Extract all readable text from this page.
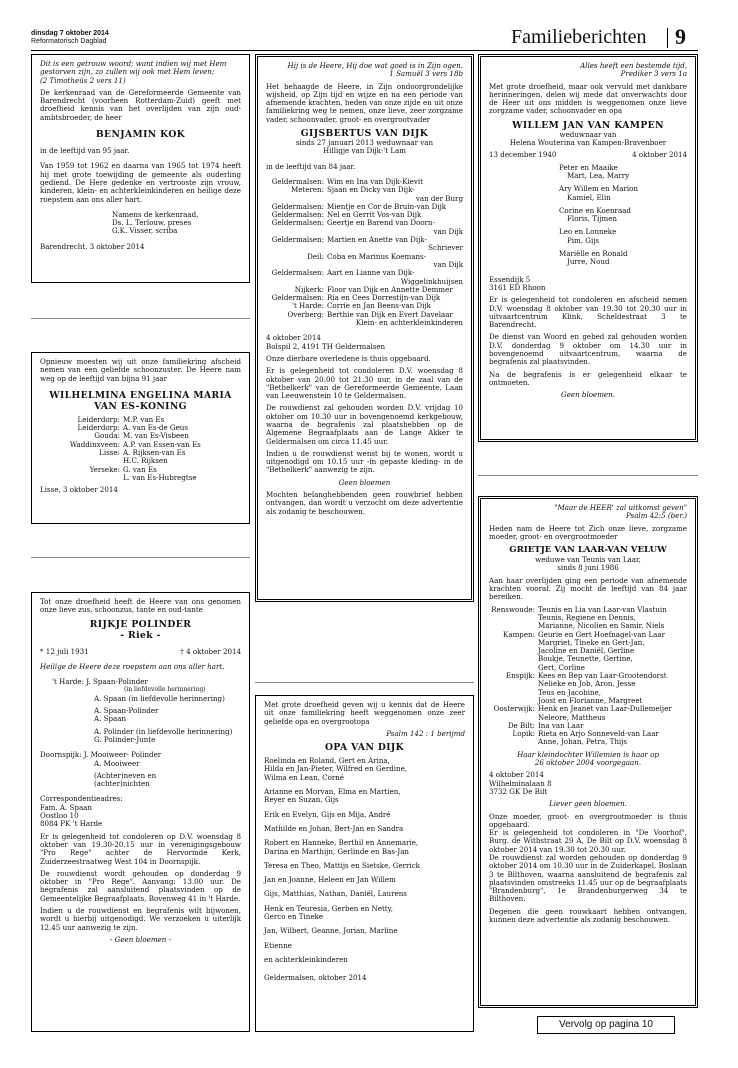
dinsdag 7 oktober 2014
Reformatorisch Dagblad	Familieberichten 9

Dit is een getrouw woord; want indien wij met Hem

gestorven zijn, zo zullen wij ook met Hem leven;

(2 Timotheüs 2 vers 11)

De kerkenraad van de Gereformeerde Gemeente van Barendrecht (voorheen Rotterdam-Zuid) geeft met droefheid kennis van het overlijden van zijn oud-ambtsbroeder, de heer

BENJAMIN KOK

in de leeftijd van 95 jaar.

Van 1959 tot 1962 en daarna van 1965 tot 1974 heeft hij met grote toewijding de gemeente als ouderling gediend. De Here gedenke en vertrooste zijn vrouw, kinderen, klein- en achterkleinkinderen en heilige deze roepstem aan ons aller hart.

Namens de kerkenraad,

Ds. L. Terlouw, preses

G.K. Visser, scriba

Barendrecht, 3 oktober 2014

Opnieuw moesten wij uit onze familiekring afscheid nemen van een geliefde schoonzuster. De Heere nam weg op de leeftijd van bijna 91 jaar

WILHELMINA ENGELINA MARIA

VAN ES-KONING

Leiderdorp: M.P. van Es
Leiderdorp: A. van Es-de Geus
Gouda: M. van Es-Visbeen
Waddinxveen: A.P. van Essen-van Es
Lisse: A. Rijksen-van Es
H.C. Rijksen
Yerseke: G. van Es
L. van Es-Hubregtse

Lisse, 3 oktober 2014

Tot onze droefheid heeft de Heere van ons genomen onze lieve zus, schoonzus, tante en oud-tante

RIJKJE POLINDER

- Riek -

* 12 juli 1931	† 4 oktober 2014

Heilige de Heere deze roepstem aan ons aller hart.

't Harde: J. Spaan-Polinder

(in liefdevolle herinnering)

A. Spaan (in liefdevolle herinnering)

A. Spaan-Polinder

A. Spaan

A. Polinder (in liefdevolle herinnering)

G. Polinder-Junte

Doornspijk: J. Mooiweer- Polinder

A. Mooiweer

(Achter)neven en

(achter)nichten

Correspondentieadres:

Fam. A. Spaan

Oostloo 10

8084 PK 't Harde

Er is gelegenheid tot condoleren op D.V. woensdag 8 oktober van 19.30-20.15 uur in verenigingsgebouw "Pro Rege" achter de Hervormde Kerk, Zuiderzeestraatweg West 104 in Doornspijk.

De rouwdienst wordt gehouden op donderdag 9 oktober in "Pro Rege". Aanvang: 13.00 uur. De begrafenis zal aansluitend plaatsvinden op de Gemeentelijke Begraafplaats, Bovenweg 41 in 't Harde.

Indien u de rouwdienst en begrafenis wilt bijwonen, wordt u hierbij uitgenodigd. We verzoeken u uiterlijk 12.45 uur aanwezig te zijn.

- Geen bloemen -

Hij is de Heere, Hij doe wat goed is in Zijn ogen.

1 Samuël 3 vers 18b

Het behaagde de Heere, in Zijn ondoorgrondelijke wijsheid, op Zijn tijd en wijze en na een periode van afnemende krachten, heden van onze zijde en uit onze familiekring weg te nemen, onze lieve, zeer zorgzame vader, schoonvader, groot- en overgrootvader

GIJSBERTUS VAN DIJK

sinds 27 januari 2013 weduwnaar van

Hilligje van Dijk-'t Lam

in de leeftijd van 84 jaar.

Geldermalsen: Wim en Ina van Dijk-Kievit
Meteren: Sjaan en Dicky van Dijk-

van der Burg

Geldermalsen: Mientje en Cor de Bruin-van Dijk
Geldermalsen: Nel en Gerrit Vos-van Dijk
Geldermalsen: Geertje en Barend van Doorn-

van Dijk

Geldermalsen: Martien en Anette van Dijk-

Schriever

Deil: Coba en Marinus Koemans-

van Dijk

Geldermalsen: Aart en Lianne van Dijk-

Wiggelinkhuijsen

Nijkerk: Floor van Dijk en Annette Demmer
Geldermalsen: Ria en Cees Dorrestijn-van Dijk
't Harde: Corrie en Jan Beens-van Dijk
Overberg: Berthie van Dijk en Evert Davelaar

Klein- en achterkleinkinderen

4 oktober 2014

Bolspil 2, 4191 TH Geldermalsen

Onze dierbare overledene is thuis opgebaard.

Er is gelegenheid tot condoleren D.V. woensdag 8 oktober van 20.00 tot 21.30 uur, in de zaal van de "Bethelkerk" van de Gereformeerde Gemeente, Laan van Leeuwenstein 10 te Geldermalsen.

De rouwdienst zal gehouden worden D.V. vrijdag 10 oktober om 10.30 uur in bovengenoemd kerkgebouw, waarna de begrafenis zal plaatshebben op de Algemene Begraafplaats aan de Lange Akker te Geldermalsen om circa 11.45 uur.

Indien u de rouwdienst wenst bij te wonen, wordt u uitgenodigd om 10.15 uur -in gepaste kleding- in de "Bethelkerk" aanwezig te zijn.

Geen bloemen

Mochten belanghebbenden geen rouwbrief hebben ontvangen, dan wordt u verzocht om deze advertentie als zodanig te beschouwen.

Met grote droefheid geven wij u kennis dat de Heere uit onze familiekring heeft weggenomen onze zeer geliefde opa en overgrootopa

Psalm 142 : 1 berijmd

OPA VAN DIJK

Roelinda en Roland, Gert en Arina,

Hilda en Jan-Pieter, Wilfred en Gerdine,

Wilma en Lean, Corné

Arianne en Morvan, Elma en Martien,

Reyer en Suzan, Gijs

Erik en Evelyn, Gijs en Mija, André

Mathilde en Johan, Bert-Jan en Sandra

Robert en Hanneke, Berthil en Annemarie,

Darina en Marthijn, Gerlinde en Bas-Jan

Teresa en Theo, Mattijs en Sietske, Gerrick

Jan en Joanne, Heleen en Jan Willem

Gijs, Matthias, Nathan, Daniël, Laurens

Henk en Teuresia, Gerben en Netty,

Gerco en Tineke

Jan, Wilbert, Geanne, Jorian, Marline

Etienne

en achterkleinkinderen

Geldermalsen, oktober 2014

Alles heeft een bestemde tijd,

Prediker 3 vers 1a

Met grote droefheid, maar ook vervuld met dankbare herinneringen, delen wij mede dat onverwachts door de Heer uit ons midden is weggenomen onze lieve zorgzame vader, schoonvader en opa

WILLEM JAN VAN KAMPEN

weduwnaar van

Helena Wouterina van Kampen-Bravenboer

13 december 1940	4 oktober 2014

Peter en Maaike

Mart, Lea, Marry

Ary Willem en Marion

Kamiel, Elin

Corine en Koenraad

Floris, Tijmen

Leo en Lonneke

Pim, Gijs

Mariëlle en Ronald

Jurre, Noud

Essendijk 5

3161 ED Rhoon

Er is gelegenheid tot condoleren en afscheid nemen D.V. woensdag 8 oktober van 19.30 tot 20.30 uur in uitvaartcentrum Klink, Scheldestraat 3 te Barendrecht.

De dienst van Woord en gebed zal gehouden worden D.V. donderdag 9 oktober om 14.30 uur in bovengenoemd uitvaartcentrum, waarna de begrafenis zal plaatsvinden.

Na de begrafenis is er gelegenheid elkaar te ontmoeten.

Geen bloemen.

"Maar de HEER' zal uitkomst geven"

Psalm 42:5 (ber.)

Heden nam de Heere tot Zich onze lieve, zorgzame moeder, groot- en overgrootmoeder

GRIETJE VAN LAAR-VAN VELUW

weduwe van Teunis van Laar,

sinds 8 juni 1986

Aan haar overlijden ging een periode van afnemende krachten vooraf. Zij mocht de leeftijd van 84 jaar bereiken.

Renswoude: Teunis en Lia van Laar-van Vlastuin
Teunis, Regiene en Dennis,
Marianne, Nicolien en Samir, Niels
Kampen: Geurie en Gert Hoefnagel-van Laar
Margriet, Tineke en Gert-Jan,
Jacoline en Daniël, Gerline
Boukje, Teunette, Gertine,
Gert, Corline
Enspijk: Kees en Bep van Laar-Grootendorst
Nelieke en Job, Aron, Jesse
Teus en Jacobine,
Joost en Florianne, Margreet
Oosterwijk: Henk en Jeanet van Laar-Dullemeijer
Neleore, Mattheus
De Bilt: Ina van Laar
Lopik: Rieta en Arjo Sonneveld-van Laar
Anne, Johan, Petra, Thijs

Haar kleindochter Willemien is haar op

26 oktober 2004 voorgegaan.

4 oktober 2014

Wilhelminalaan 8

3732 GK De Bilt

Liever geen bloemen.

Onze moeder, groot- en overgrootmoeder is thuis opgebaard.

Er is gelegenheid tot condoleren in "De Voorhof", Burg. de Withstraat 29 A, De Bilt op D.V. woensdag 8 oktober 2014 van 19.30 tot 20.30 uur.

De rouwdienst zal worden gehouden op donderdag 9 oktober 2014 om 10.30 uur in de Zuiderkapel, Boslaan 3 te Bilthoven, waarna aansluitend de begrafenis zal plaatsvinden omstreeks 11.45 uur op de begraafplaats "Brandenburg", 1e Brandenburgerweg 34 te Bilthoven.

Degenen die geen rouwkaart hebben ontvangen, kunnen deze advertentie als zodanig beschouwen.

Vervolg op pagina 10
